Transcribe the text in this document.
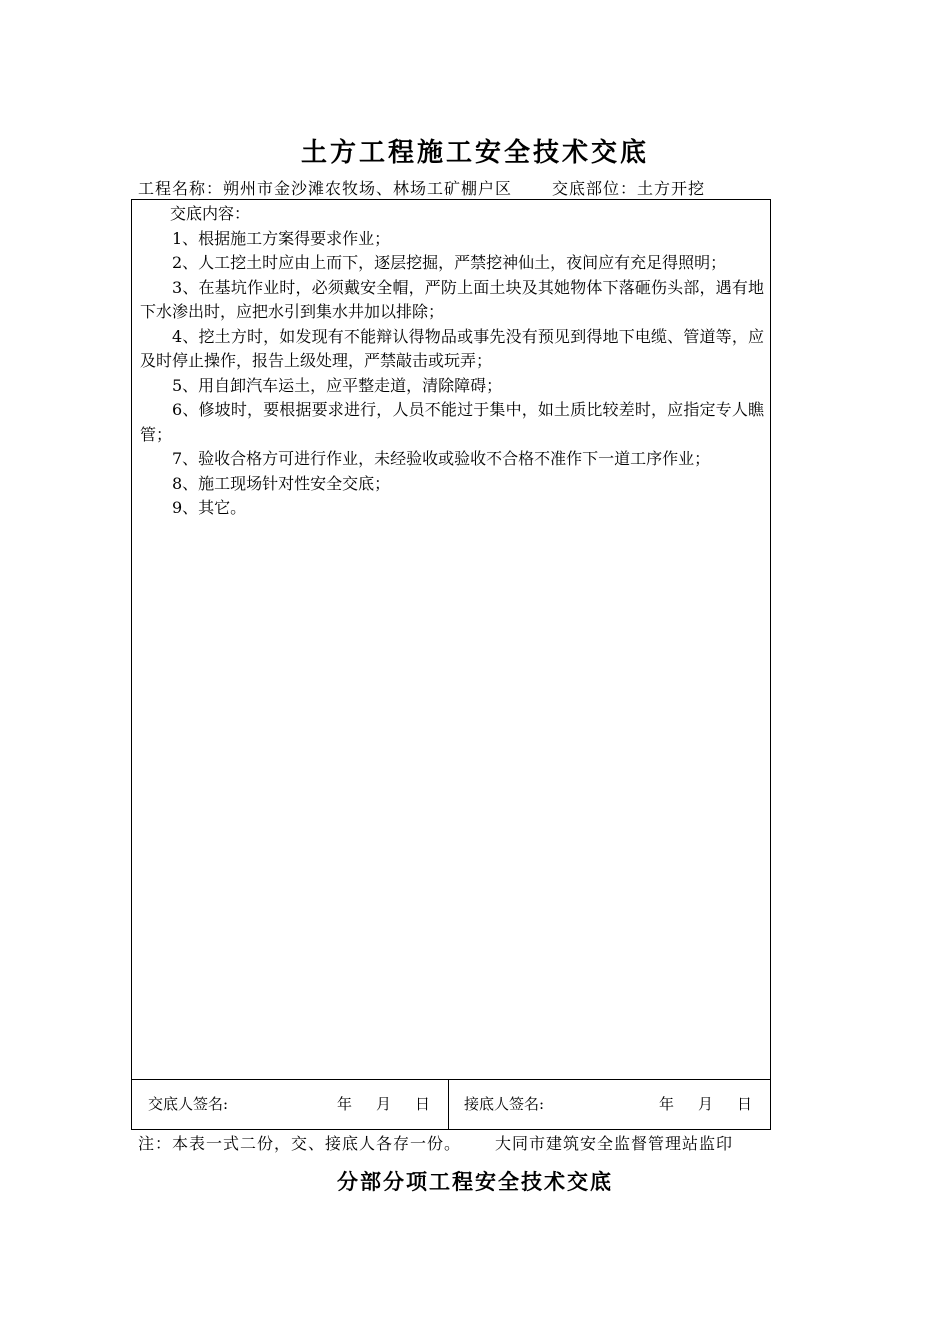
土方工程施工安全技术交底
工程名称：朔州市金沙滩农牧场、林场工矿棚户区	交底部位：土方开挖

交底内容：

1、根据施工方案得要求作业；

2、人工挖土时应由上而下，逐层挖掘，严禁挖神仙土，夜间应有充足得照明；

3、在基坑作业时，必须戴安全帽，严防上面土块及其她物体下落砸伤头部，遇有地下水渗出时，应把水引到集水井加以排除；

4、挖土方时，如发现有不能辩认得物品或事先没有预见到得地下电缆、管道等，应及时停止操作，报告上级处理，严禁敲击或玩弄；

5、用自卸汽车运土，应平整走道，清除障碍；

6、修坡时，要根据要求进行，人员不能过于集中，如土质比较差时，应指定专人瞧管；

7、验收合格方可进行作业，未经验收或验收不合格不准作下一道工序作业；

8、施工现场针对性安全交底；

9、其它。

交底人签名:	年 月 日 接底人签名:	年 月 日
注：本表一式二份，交、接底人各存一份。 大同市建筑安全监督管理站监印
分部分项工程安全技术交底
